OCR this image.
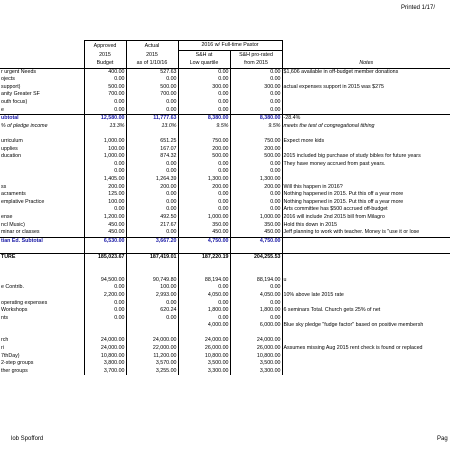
Printed 1/17/
	Approved	Actual	2016 w/ Full-time Pastor		
	2015	2015	S&H at	S&H pro-rated	
	Budget	as of 1/10/16	Low quartile	from 2015	Notes
r urgent Needs	400.00	527.63	0.00	0.00	$1,606 available in off-budget member donations
ojects	0.00	0.00	0.00	0.00	
support)	500.00	500.00	300.00	300.00	actual expenses support in 2015 was $275
anity Greater SF	700.00	700.00	0.00	0.00	
outh focus)	0.00	0.00	0.00	0.00	
e	0.00	0.00	0.00	0.00	
ubtotal	12,580.00	11,777.63	8,380.00	8,380.00	-28.4%
% of pledge income	13.3%	13.0%	9.5%	9.5%	meets the test of congregational tithing

urriculum	1,000.00	651.25	750.00	750.00	Expect more kids
upplies	100.00	167.07	200.00	200.00	
ducation	1,000.00	874.32	500.00	500.00	2015 included big purchase of study bibles for future years
	0.00	0.00	0.00	0.00	They have money accrued from past years.
	0.00	0.00	0.00	0.00	
	1,405.00	1,264.39	1,300.00	1,300.00	
ss	200.00	200.00	200.00	200.00	Will this happen in 2016?
acraments	125.00	0.00	0.00	0.00	Nothing happened in 2015. Put this off a year more
emplative Practice	100.00	0.00	0.00	0.00	Nothing happened in 2015. Put this off a year more
	0.00	0.00	0.00	0.00	Arts committee has $500 accrued off-budget
ense	1,200.00	492.50	1,000.00	1,000.00	2016 will include 2nd 2015 bill from Milagro
ncl Music)	450.00	217.67	350.00	350.00	Hold this down in 2015
minar or classes	450.00	0.00	450.00	450.00	Jeff planning to work with teacher. Money is "use it or lose
tian Ed. Subtotal	6,530.00	3,667.20	4,750.00	4,750.00	

TURE	185,023.67	187,419.01	187,220.19	204,255.53	

	94,500.00	90,749.80	88,194.00	88,194.00	u
e Contrib.	0.00	100.00	0.00	0.00	
	2,200.00	2,993.00	4,050.00	4,050.00	10% above late 2015 rate
operating expenses	0.00	0.00	0.00	0.00	
Workshops	0.00	620.24	1,800.00	1,800.00	6 seminars Total. Church gets 25% of net
nts	0.00	0.00	0.00	0.00	
			4,000.00	6,000.00	Blue sky pledge "fudge factor" based on positive membersh

rch	24,000.00	24,000.00	24,000.00	24,000.00	
ri	24,000.00	22,000.00	26,000.00	26,000.00	Assumes missing Aug 2015 rent check is found or replaced
7thDay)	10,800.00	11,200.00	10,800.00	10,800.00	
2-step groups	3,800.00	3,570.00	3,500.00	3,500.00	
ther groups	3,700.00	3,255.00	3,300.00	3,300.00	
lob Spofford	Pag
